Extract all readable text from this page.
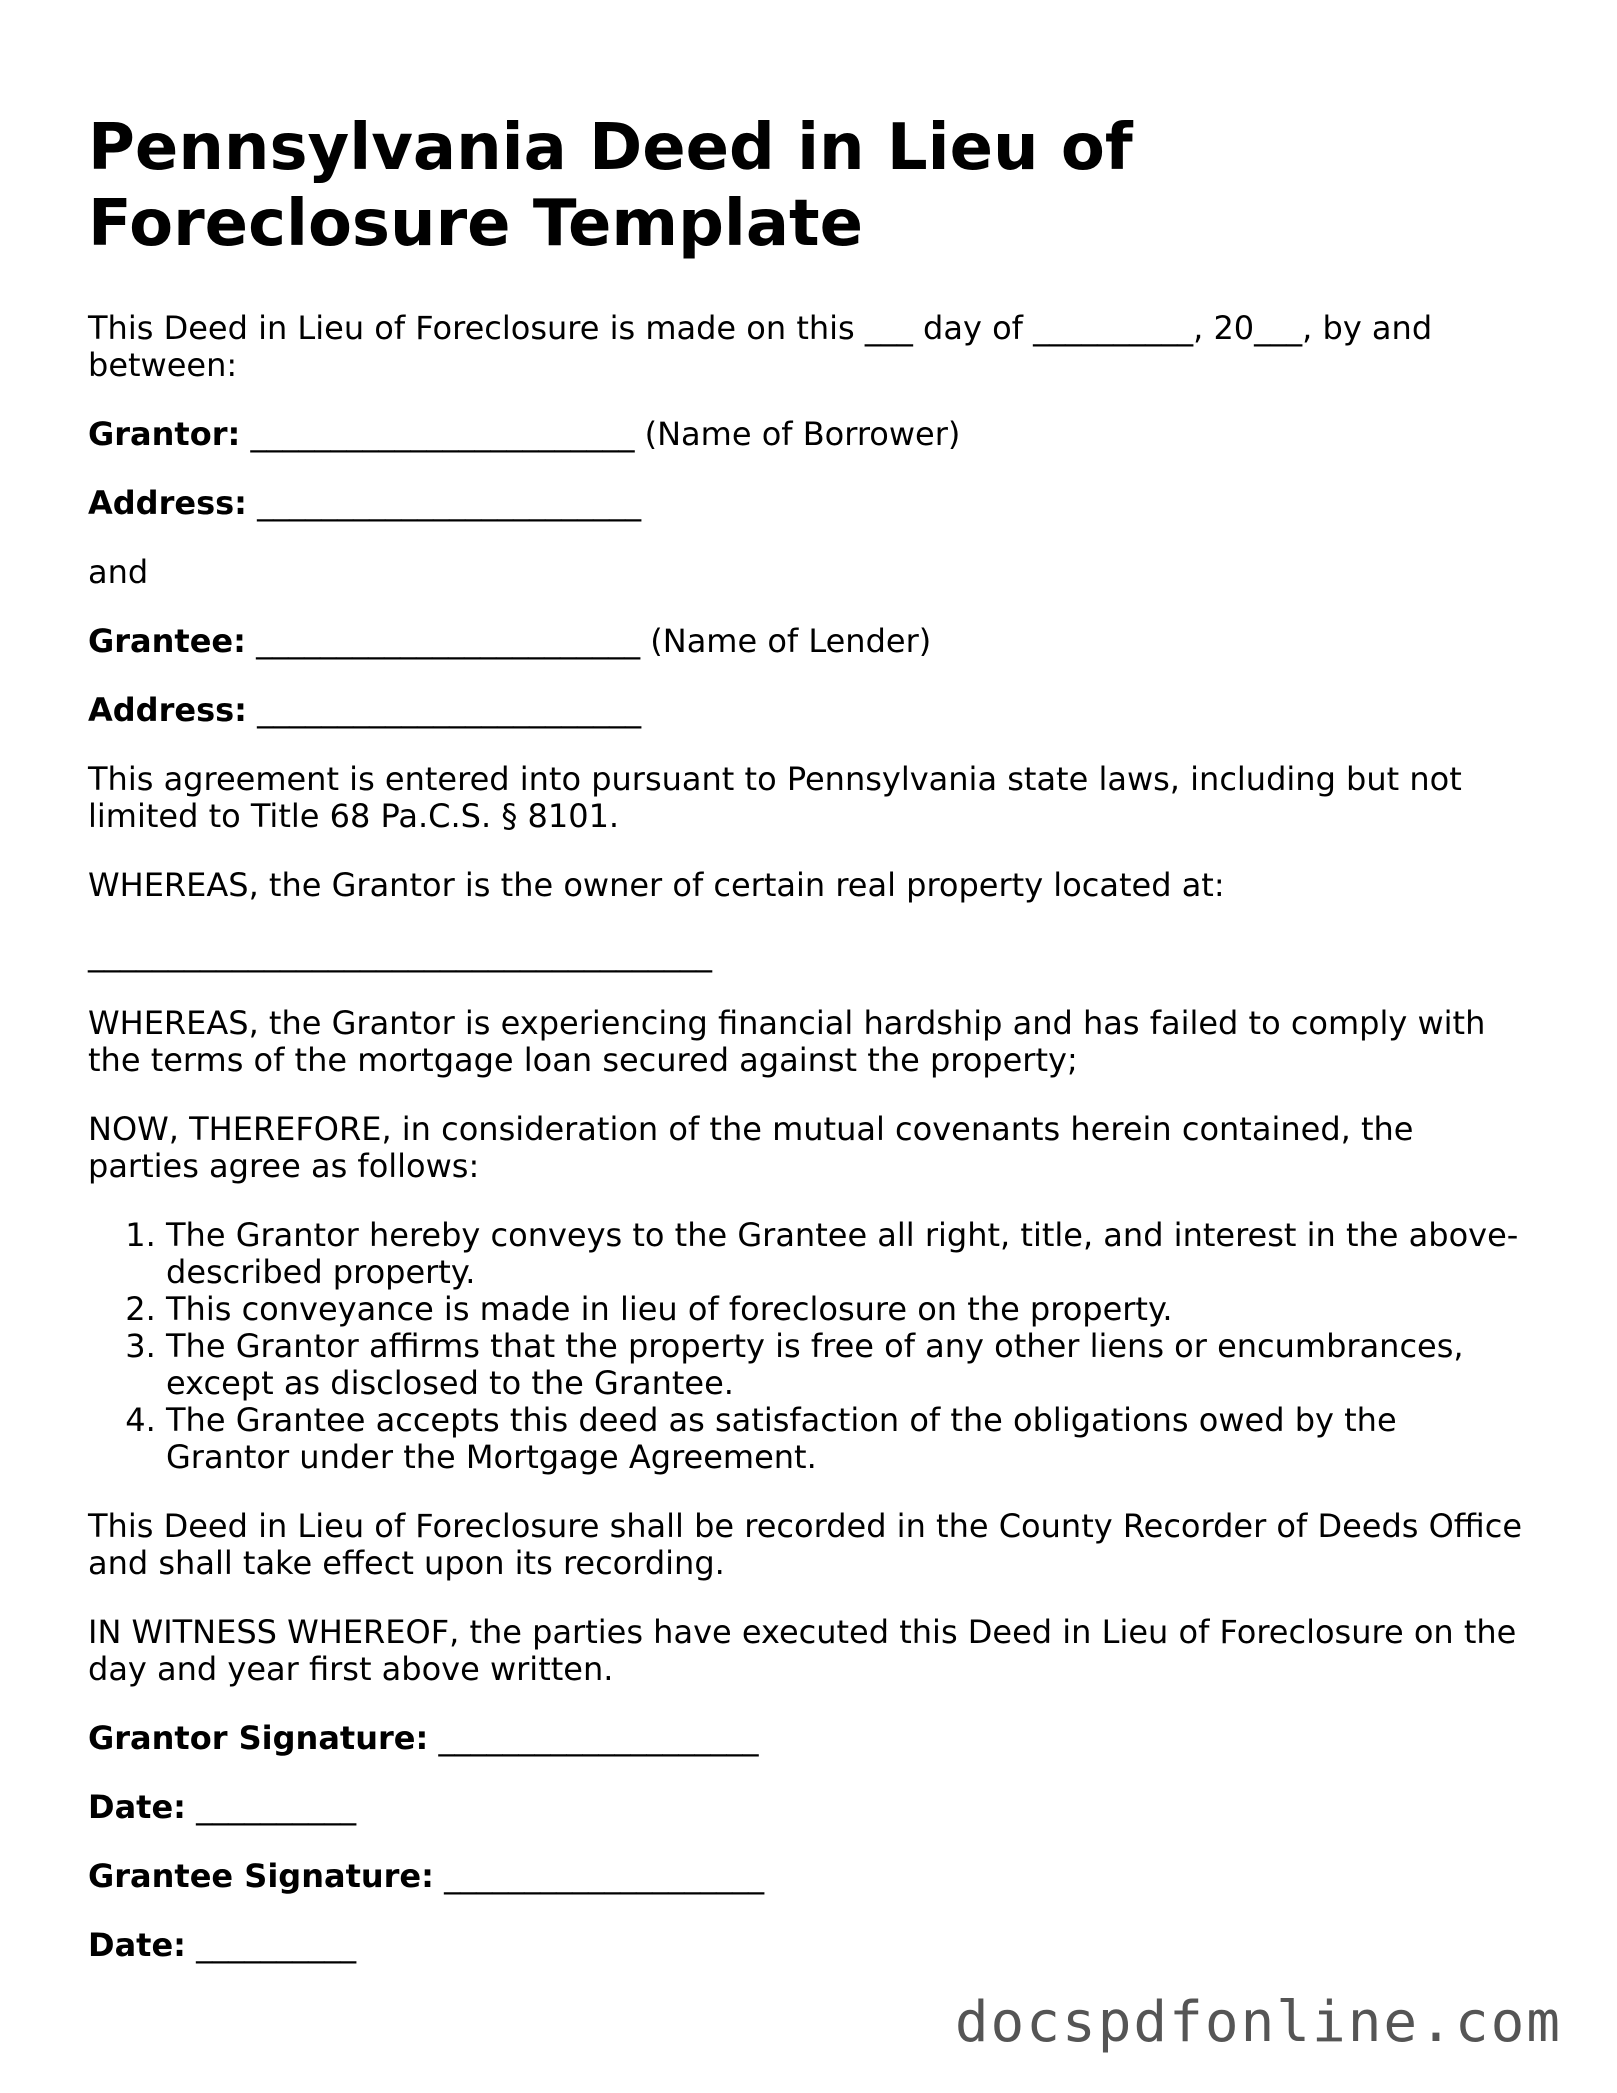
Pennsylvania Deed in Lieu of Foreclosure Template

This Deed in Lieu of Foreclosure is made on this ___ day of __________, 20___, by and between:

Grantor: ________________________ (Name of Borrower)
Address: ________________________

and

Grantee: ________________________ (Name of Lender)
Address: ________________________

This agreement is entered into pursuant to Pennsylvania state laws, including but not limited to Title 68 Pa.C.S. § 8101.

WHEREAS, the Grantor is the owner of certain real property located at:

_______________________________________

WHEREAS, the Grantor is experiencing financial hardship and has failed to comply with the terms of the mortgage loan secured against the property;

NOW, THEREFORE, in consideration of the mutual covenants herein contained, the parties agree as follows:

1. The Grantor hereby conveys to the Grantee all right, title, and interest in the above-described property.
2. This conveyance is made in lieu of foreclosure on the property.
3. The Grantor affirms that the property is free of any other liens or encumbrances, except as disclosed to the Grantee.
4. The Grantee accepts this deed as satisfaction of the obligations owed by the Grantor under the Mortgage Agreement.

This Deed in Lieu of Foreclosure shall be recorded in the County Recorder of Deeds Office and shall take effect upon its recording.

IN WITNESS WHEREOF, the parties have executed this Deed in Lieu of Foreclosure on the day and year first above written.

Grantor Signature: ____________________
Date: __________
Grantee Signature: ____________________
Date: __________
docspdfonline.com
